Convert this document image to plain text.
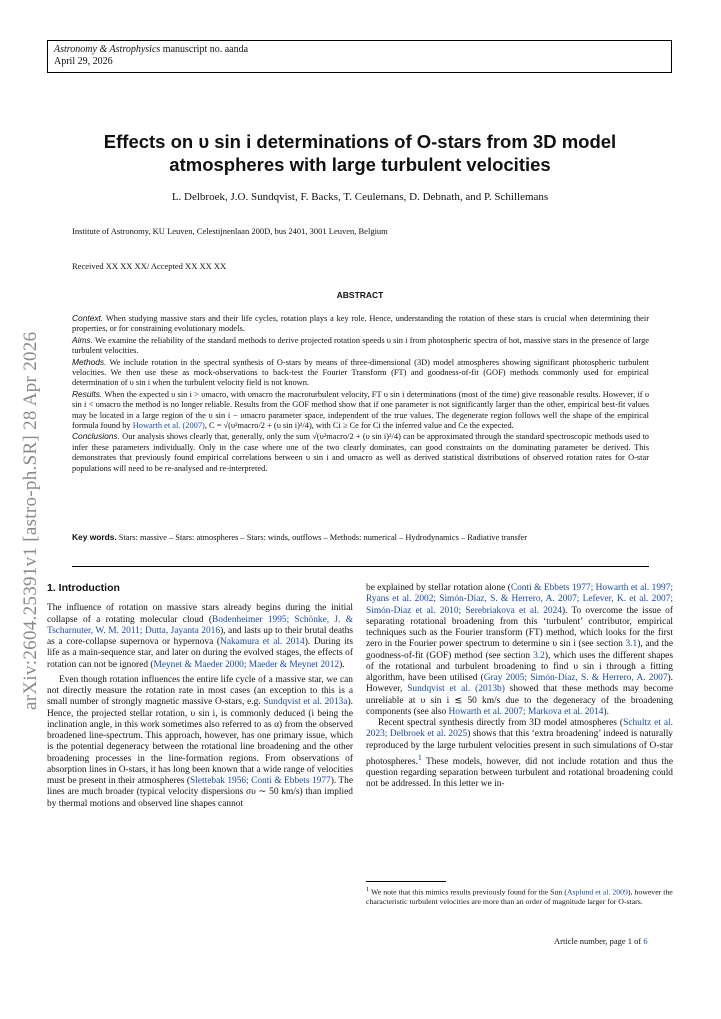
arXiv:2604.25391v1 [astro-ph.SR] 28 Apr 2026
Astronomy & Astrophysics manuscript no. aanda
April 29, 2026
Effects on υ sin i determinations of O-stars from 3D model atmospheres with large turbulent velocities
L. Delbroek, J.O. Sundqvist, F. Backs, T. Ceulemans, D. Debnath, and P. Schillemans
Institute of Astronomy, KU Leuven, Celestijnenlaan 200D, bus 2401, 3001 Leuven, Belgium
Received XX XX XX/ Accepted XX XX XX
ABSTRACT

Context. When studying massive stars and their life cycles, rotation plays a key role. Hence, understanding the rotation of these stars is crucial when determining their properties, or for constraining evolutionary models.

Aims. We examine the reliability of the standard methods to derive projected rotation speeds υ sin i from photospheric spectra of hot, massive stars in the presence of large turbulent velocities.

Methods. We include rotation in the spectral synthesis of O-stars by means of three-dimensional (3D) model atmospheres showing significant photospheric turbulent velocities. We then use these as mock-observations to back-test the Fourier Transform (FT) and goodness-of-fit (GOF) methods commonly used for empirical determination of υ sin i when the turbulent velocity field is not known.

Results. When the expected υ sin i > υmacro, with υmacro the macroturbulent velocity, FT υ sin i determinations (most of the time) give reasonable results. However, if υ sin i < υmacro the method is no longer reliable. Results from the GOF method show that if one parameter is not significantly larger than the other, empirical best-fit values may be located in a large region of the υ sin i − υmacro parameter space, independent of the true values. The degenerate region follows well the shape of the empirical formula found by Howarth et al. (2007), C = √(υ²macro/2 + (υ sin i)²/4), with Ci ≥ Ce for Ci the inferred value and Ce the expected.

Conclusions. Our analysis shows clearly that, generally, only the sum √(υ²macro/2 + (υ sin i)²/4) can be approximated through the standard spectroscopic methods used to infer these parameters individually. Only in the case where one of the two clearly dominates, can good constraints on the dominating parameter be derived. This demonstrates that previously found empirical correlations between υ sin i and υmacro as well as derived statistical distributions of observed rotation rates for O-star populations will need to be re-analysed and re-interpreted.

Key words. Stars: massive – Stars: atmospheres – Stars: winds, outflows – Methods: numerical – Hydrodynamics – Radiative transfer
1. Introduction

The influence of rotation on massive stars already begins during the initial collapse of a rotating molecular cloud (Bodenheimer 1995; Schönke, J. & Tscharnuter, W. M. 2011; Dutta, Jayanta 2016), and lasts up to their brutal deaths as a core-collapse supernova or hypernova (Nakamura et al. 2014). During its life as a main-sequence star, and later on during the evolved stages, the effects of rotation can not be ignored (Meynet & Maeder 2000; Maeder & Meynet 2012).

Even though rotation influences the entire life cycle of a massive star, we can not directly measure the rotation rate in most cases (an exception to this is a small number of strongly magnetic massive O-stars, e.g. Sundqvist et al. 2013a). Hence, the projected stellar rotation, υ sin i, is commonly deduced (i being the inclination angle, in this work sometimes also referred to as α) from the observed broadened line-spectrum. This approach, however, has one primary issue, which is the potential degeneracy between the rotational line broadening and the other broadening processes in the line-formation regions. From observations of absorption lines in O-stars, it has long been known that a wide range of velocities must be present in their atmospheres (Slettebak 1956; Conti & Ebbets 1977). The lines are much broader (typical velocity dispersions συ ∼ 50 km/s) than implied by thermal motions and observed line shapes cannot

be explained by stellar rotation alone (Conti & Ebbets 1977; Howarth et al. 1997; Ryans et al. 2002; Simón-Díaz, S. & Herrero, A. 2007; Lefever, K. et al. 2007; Simón-Díaz et al. 2010; Serebriakova et al. 2024). To overcome the issue of separating rotational broadening from this ‘turbulent’ contributor, empirical techniques such as the Fourier transform (FT) method, which looks for the first zero in the Fourier power spectrum to determine υ sin i (see section 3.1), and the goodness-of-fit (GOF) method (see section 3.2), which uses the different shapes of the rotational and turbulent broadening to find υ sin i through a fitting algorithm, have been utilised (Gray 2005; Simón-Díaz, S. & Herrero, A. 2007). However, Sundqvist et al. (2013b) showed that these methods may become unreliable at υ sin i ≲ 50 km/s due to the degeneracy of the broadening components (see also Howarth et al. 2007; Markova et al. 2014).

Recent spectral synthesis directly from 3D model atmospheres (Schultz et al. 2023; Delbroek et al. 2025) shows that this ‘extra broadening’ indeed is naturally reproduced by the large turbulent velocities present in such simulations of O-star photospheres.$^1$ These models, however, did not include rotation and thus the question regarding separation between turbulent and rotational broadening could not be addressed. In this letter we in-

$^1$ We note that this mimics results previously found for the Sun (Asplund et al. 2009), however the characteristic turbulent velocities are more than an order of magnitude larger for O-stars.
Article number, page 1 of 6
